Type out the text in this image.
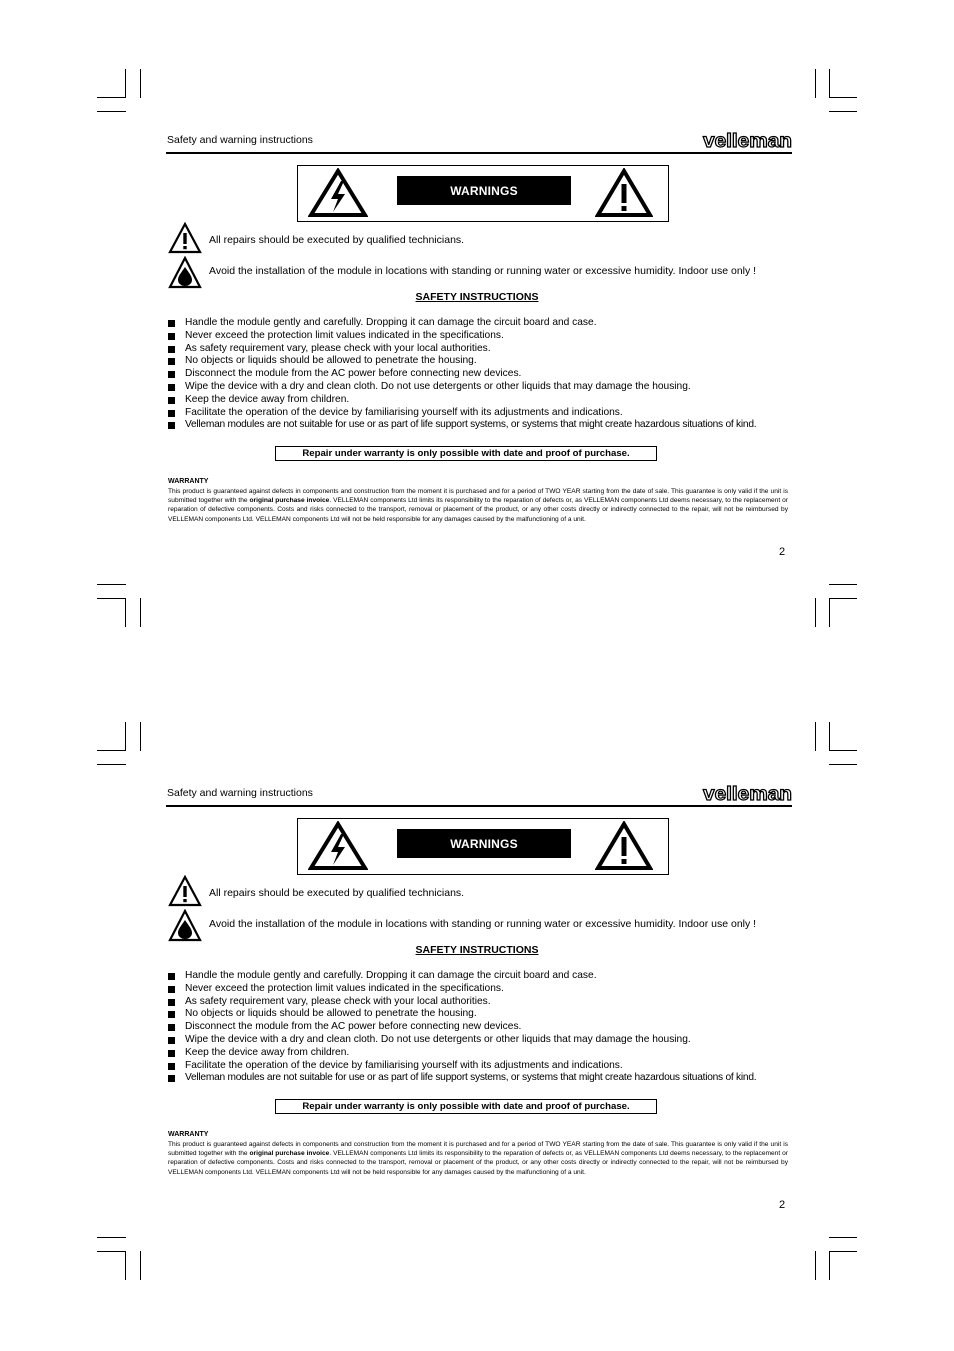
Safety and warning instructions	velleman
WARNINGS
All repairs should be executed by qualified technicians.
Avoid the installation of the module in locations with standing or running water or excessive humidity. Indoor use only !
SAFETY INSTRUCTIONS
Handle the module gently and carefully. Dropping it can damage the circuit board and case.
Never exceed the protection limit values indicated in the specifications.
As safety requirement vary, please check with your local authorities.
No objects or liquids should be allowed to penetrate the housing.
Disconnect the module from the AC power before connecting new devices.
Wipe the device with a dry and clean cloth. Do not use detergents or other liquids that may damage the housing.
Keep the device away from children.
Facilitate the operation of the device by familiarising yourself with its adjustments and indications.
Velleman modules are not suitable for use or as part of life support systems, or systems that might create hazardous situations of kind.
Repair under warranty is only possible with date and proof of purchase.
WARRANTY
This product is guaranteed against defects in components and construction from the moment it is purchased and for a period of TWO YEAR starting from the date of sale. This guarantee is only valid if the unit is submitted together with the original purchase invoice. VELLEMAN components Ltd limits its responsibility to the reparation of defects or, as VELLEMAN components Ltd deems necessary, to the replacement or reparation of defective components. Costs and risks connected to the transport, removal or placement of the product, or any other costs directly or indirectly connected to the repair, will not be reimbursed by VELLEMAN components Ltd. VELLEMAN components Ltd will not be held responsible for any damages caused by the malfunctioning of a unit.
2
Safety and warning instructions	velleman
WARNINGS
All repairs should be executed by qualified technicians.
Avoid the installation of the module in locations with standing or running water or excessive humidity. Indoor use only !
SAFETY INSTRUCTIONS
Handle the module gently and carefully. Dropping it can damage the circuit board and case.
Never exceed the protection limit values indicated in the specifications.
As safety requirement vary, please check with your local authorities.
No objects or liquids should be allowed to penetrate the housing.
Disconnect the module from the AC power before connecting new devices.
Wipe the device with a dry and clean cloth. Do not use detergents or other liquids that may damage the housing.
Keep the device away from children.
Facilitate the operation of the device by familiarising yourself with its adjustments and indications.
Velleman modules are not suitable for use or as part of life support systems, or systems that might create hazardous situations of kind.
Repair under warranty is only possible with date and proof of purchase.
WARRANTY
This product is guaranteed against defects in components and construction from the moment it is purchased and for a period of TWO YEAR starting from the date of sale. This guarantee is only valid if the unit is submitted together with the original purchase invoice. VELLEMAN components Ltd limits its responsibility to the reparation of defects or, as VELLEMAN components Ltd deems necessary, to the replacement or reparation of defective components. Costs and risks connected to the transport, removal or placement of the product, or any other costs directly or indirectly connected to the repair, will not be reimbursed by VELLEMAN components Ltd. VELLEMAN components Ltd will not be held responsible for any damages caused by the malfunctioning of a unit.
2
